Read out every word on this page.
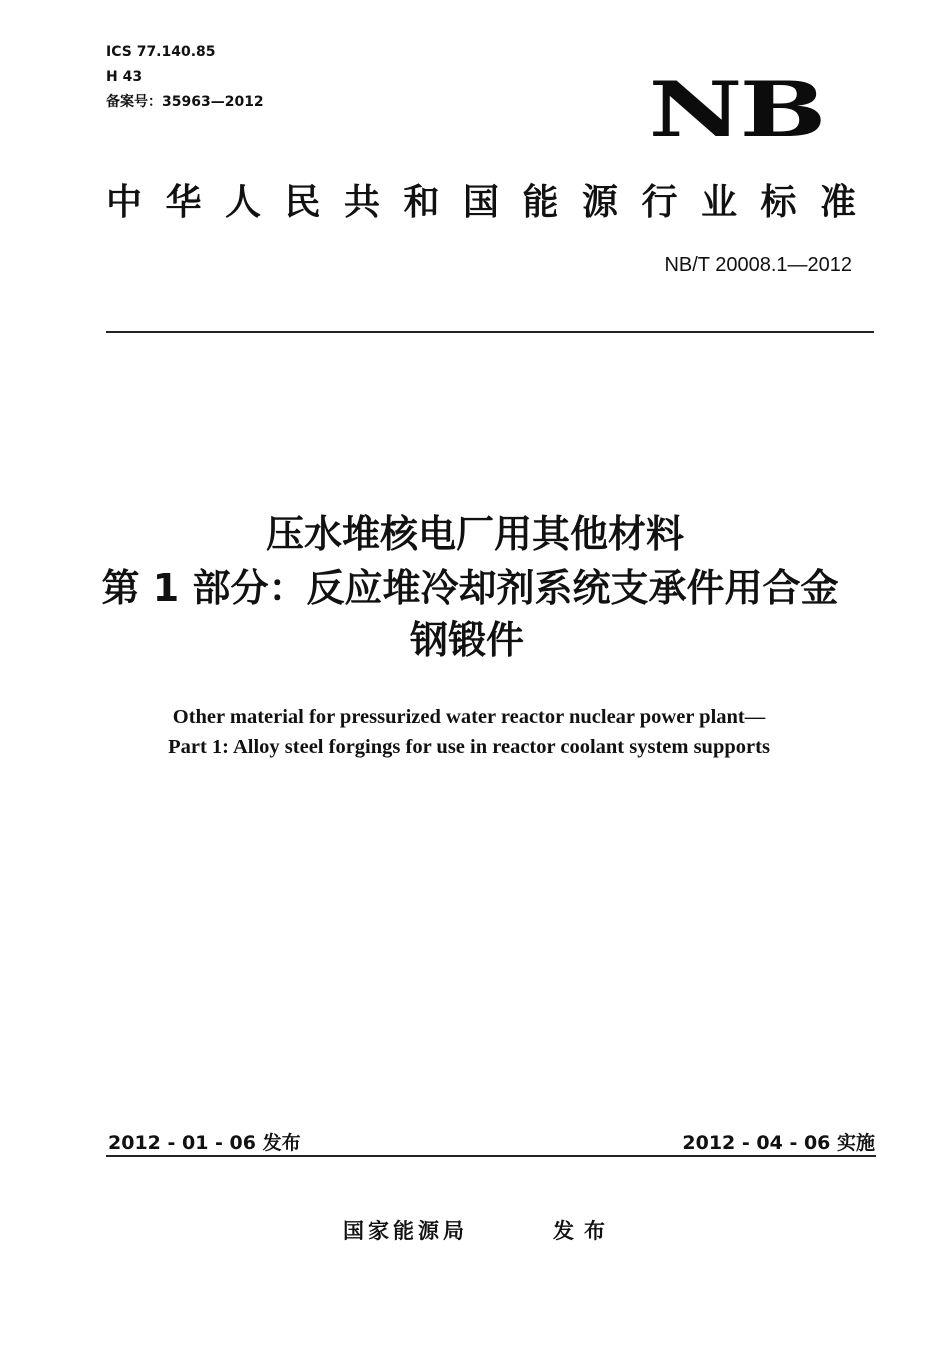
ICS 77.140.85
H 43
备案号：35963—2012	NB
中华人民共和国能源行业标准
NB/T 20008.1—2012
压水堆核电厂用其他材料
第 1 部分：反应堆冷却剂系统支承件用合金
钢锻件
Other material for pressurized water reactor nuclear power plant—
Part 1: Alloy steel forgings for use in reactor coolant system supports
2012 - 01 - 06 发布	2012 - 04 - 06 实施
国家能源局	发布
